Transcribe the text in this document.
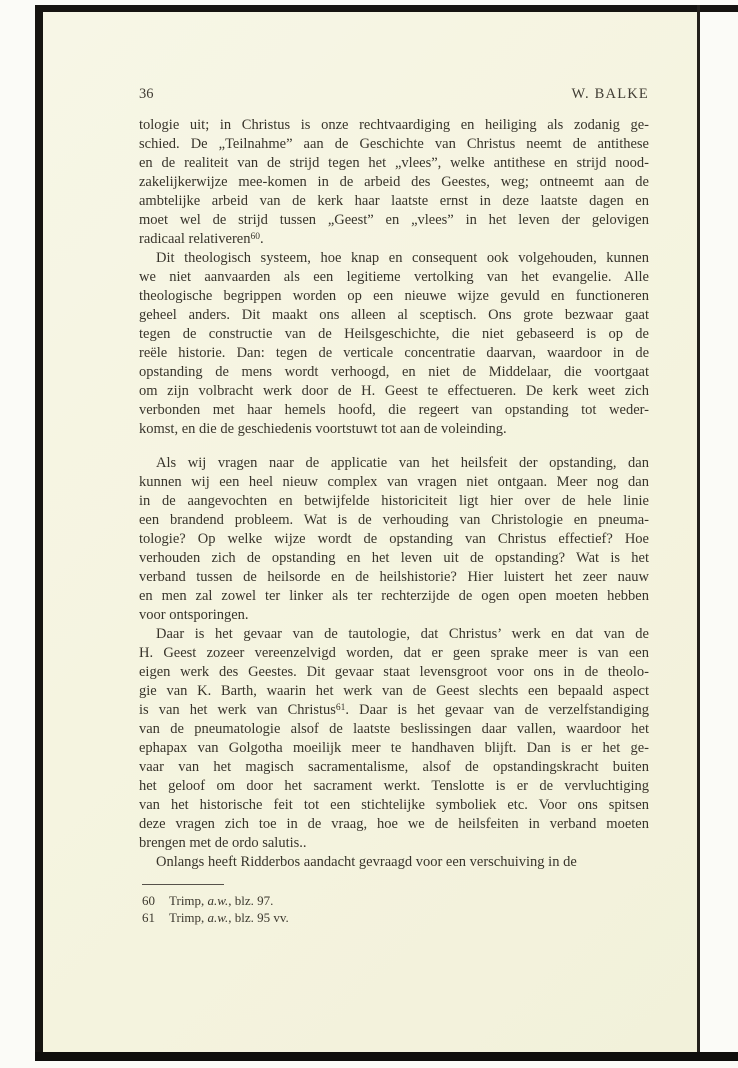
36	W. BALKE
tologie uit; in Christus is onze rechtvaardiging en heiliging als zodanig ge-
schied. De „Teilnahme” aan de Geschichte van Christus neemt de antithese
en de realiteit van de strijd tegen het „vlees”, welke antithese en strijd nood-
zakelijkerwijze mee-komen in de arbeid des Geestes, weg; ontneemt aan de
ambtelijke arbeid van de kerk haar laatste ernst in deze laatste dagen en
moet wel de strijd tussen „Geest” en „vlees” in het leven der gelovigen
radicaal relativeren$^{60}$.
Dit theologisch systeem, hoe knap en consequent ook volgehouden, kunnen
we niet aanvaarden als een legitieme vertolking van het evangelie. Alle
theologische begrippen worden op een nieuwe wijze gevuld en functioneren
geheel anders. Dit maakt ons alleen al sceptisch. Ons grote bezwaar gaat
tegen de constructie van de Heilsgeschichte, die niet gebaseerd is op de
reële historie. Dan: tegen de verticale concentratie daarvan, waardoor in de
opstanding de mens wordt verhoogd, en niet de Middelaar, die voortgaat
om zijn volbracht werk door de H. Geest te effectueren. De kerk weet zich
verbonden met haar hemels hoofd, die regeert van opstanding tot weder-
komst, en die de geschiedenis voortstuwt tot aan de voleinding.
Als wij vragen naar de applicatie van het heilsfeit der opstanding, dan
kunnen wij een heel nieuw complex van vragen niet ontgaan. Meer nog dan
in de aangevochten en betwijfelde historiciteit ligt hier over de hele linie
een brandend probleem. Wat is de verhouding van Christologie en pneuma-
tologie? Op welke wijze wordt de opstanding van Christus effectief? Hoe
verhouden zich de opstanding en het leven uit de opstanding? Wat is het
verband tussen de heilsorde en de heilshistorie? Hier luistert het zeer nauw
en men zal zowel ter linker als ter rechterzijde de ogen open moeten hebben
voor ontsporingen.
Daar is het gevaar van de tautologie, dat Christus’ werk en dat van de
H. Geest zozeer vereenzelvigd worden, dat er geen sprake meer is van een
eigen werk des Geestes. Dit gevaar staat levensgroot voor ons in de theolo-
gie van K. Barth, waarin het werk van de Geest slechts een bepaald aspect
is van het werk van Christus$^{61}$. Daar is het gevaar van de verzelfstandiging
van de pneumatologie alsof de laatste beslissingen daar vallen, waardoor het
ephapax van Golgotha moeilijk meer te handhaven blijft. Dan is er het ge-
vaar van het magisch sacramentalisme, alsof de opstandingskracht buiten
het geloof om door het sacrament werkt. Tenslotte is er de vervluchtiging
van het historische feit tot een stichtelijke symboliek etc. Voor ons spitsen
deze vragen zich toe in de vraag, hoe we de heilsfeiten in verband moeten
brengen met de ordo salutis..
Onlangs heeft Ridderbos aandacht gevraagd voor een verschuiving in de
60 Trimp, a.w., blz. 97.
61 Trimp, a.w., blz. 95 vv.
